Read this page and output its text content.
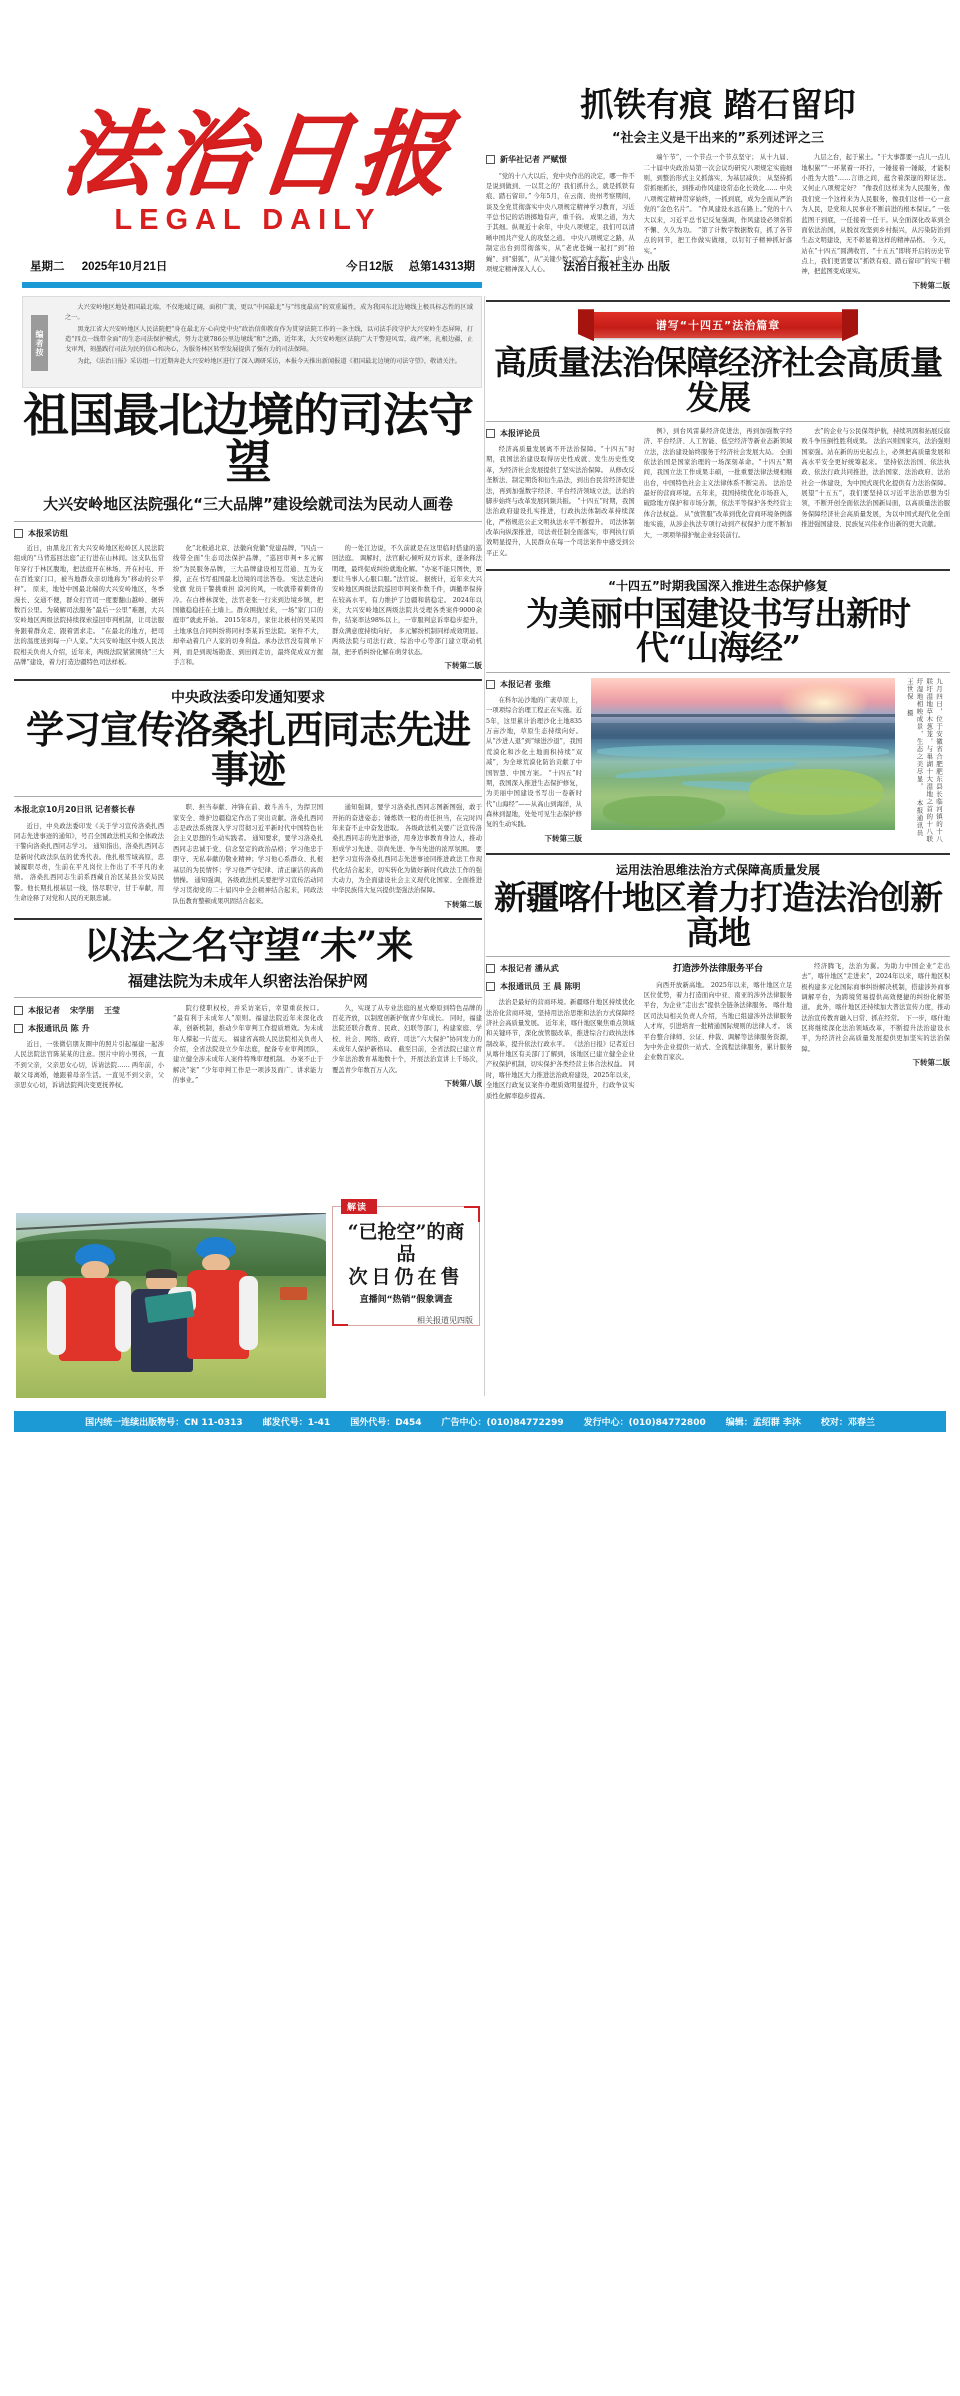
法治日报
LEGAL DAILY
星期二 2025年10月21日	今日12版 总第14313期	法治日报社主办 出版
编者按

大兴安岭地区地处祖国最北端，不仅地域辽阔，面积广袤，更以“中国最北”与“纬度最高”的双重属性，成为我国东北边境线上极具标志性的区域之一。

黑龙江省大兴安岭地区人民法院把“身在最北方·心向党中央”政治信仰教育作为贯穿法院工作的一条主线，以司法手段守护大兴安岭生态屏障，打造“四点一线带全面”的生态司法保护模式，努力走就786公里边境线“和”之路，近年来，大兴安岭地区法院广大干警迎风雪，战严寒，扎根边疆，止戈审判，刻墨践行司法为民的信心和决心，为服务林区转型发展提供了强有力的司法保障。

为此，《法治日报》采访组一行近期奔赴大兴安岭地区进行了深入调研采访，本报今天推出新闻报道《祖国最北边境的司法守望》，敬请关注。

祖国最北边境的司法守望
大兴安岭地区法院强化“三大品牌”建设绘就司法为民动人画卷
本报采访组

近日，由黑龙江省大兴安岭地区松岭区人民法院组成的“马背巡回法庭”正行进在山林间。这支队伍常年穿行于林区腹地，把法庭开在林场、开在村屯、开在百姓家门口，被当地群众亲切地称为“移动的公平秤”。 原来，地处中国最北端的大兴安岭地区，冬季漫长、交通不便，群众打官司一度要翻山越岭、辗转数百公里。为破解司法服务“最后一公里”难题，大兴安岭地区两级法院持续探索巡回审判机制，让司法服务跟着群众走、跟着需求走。 “在最北的地方，把司法的温度送到每一户人家。”大兴安岭地区中级人民法院相关负责人介绍，近年来，两级法院紧紧围绕“三大品牌”建设，着力打造边疆特色司法样板。

化“北极道北京、法徽向党徽”党建品牌，“四点一线带全面”生态司法保护品牌，“巡回审判+多元解纷”为民服务品牌，三大品牌建设相互贯通、互为支撑，正在书写祖国最北边境的司法答卷。 宪法走进向党旗 党员干警挑重担 漠河的风，一吹就带着刺骨的冷。在白桦林深处，法官老张一行来到边境乡镇，把国徽稳稳挂在土墙上。群众围拢过来，一场“家门口的庭审”就此开始。 2015年8月，家住北极村的吴某因土地承包合同纠纷将同村李某诉至法院。案件不大，却牵动着几户人家的切身利益。承办法官没有简单下判，而是到现场勘查、到田间走访，最终促成双方握手言和。

的一处江边说，不久前就是在这里临时搭建的巡回法庭。 调解时，法官耐心倾听双方诉求，逐条释法明理，最终促成纠纷就地化解。“办案不能只图快，更要让当事人心服口服。”法官说。 据统计，近年来大兴安岭地区两级法院巡回审判案件数千件，调撤率保持在较高水平，有力维护了边疆和谐稳定。 2024年以来，大兴安岭地区两级法院共受理各类案件9000余件，结案率达98%以上，一审服判息诉率稳步提升，群众满意度持续向好。 多元解纷机制同样成效明显。两级法院与司法行政、综治中心等部门建立联动机制，把矛盾纠纷化解在萌芽状态。

下转第二版
中央政法委印发通知要求
学习宣传洛桑扎西同志先进事迹
本报北京10月20日讯 记者蔡长春

近日，中央政法委印发《关于学习宣传洛桑扎西同志先进事迹的通知》，号召全国政法机关和全体政法干警向洛桑扎西同志学习。 通知指出，洛桑扎西同志是新时代政法队伍的优秀代表。他扎根雪域高原，忠诚履职尽责，生前在平凡岗位上作出了不平凡的业绩。 洛桑扎西同志生前系西藏自治区某县公安局民警。他长期扎根基层一线，恪尽职守，甘于奉献，用生命诠释了对党和人民的无限忠诚。

职、担当奉献、冲锋在前、敢斗善斗，为捍卫国家安全、维护边疆稳定作出了突出贡献。洛桑扎西同志是政法系统深入学习贯彻习近平新时代中国特色社会主义思想的生动实践者。 通知要求，要学习洛桑扎西同志忠诚于党、信念坚定的政治品格；学习他忠于职守、无私奉献的敬业精神；学习他心系群众、扎根基层的为民情怀；学习他严守纪律、清正廉洁的高尚情操。 通知强调，各级政法机关要把学习宣传活动同学习贯彻党的二十届四中全会精神结合起来，同政法队伍教育整顿成果巩固结合起来。

通知强调，要学习洛桑扎西同志图新图强，敢于开拓的奋进姿态；锤炼铁一般的责任担当，在完时四年来奋不止中奋发进取。 各级政法机关要广泛宣传洛桑扎西同志的先进事迹，用身边事教育身边人，推动形成学习先进、崇尚先进、争当先进的浓厚氛围。 要把学习宣传洛桑扎西同志先进事迹同推进政法工作现代化结合起来，切实转化为做好新时代政法工作的强大动力，为全面建设社会主义现代化国家、全面推进中华民族伟大复兴提供坚强法治保障。

下转第二版
以法之名守望“未”来
福建法院为未成年人织密法治保护网
本报记者 宋学朋 王莹
本报通讯员 陈 升

近日，一张微信朋友圈中的照片引起福建一起涉人民法院法官陈某某的注意。照片中的小男孩，一直不到父亲，父亲思女心切，诉请法院…… 两年前，小敏父母离婚，她跟着母亲生活。一直见不到父亲，父亲思女心切，诉请法院判决变更抚养权。

院行使职权校，并采访案后，幸望重获按口。 “最有利于未成年人”原则。福建法院近年来深化改革，创新机制，推动少年审判工作提质增效。为未成年人撑起一片蓝天。 福建省高级人民法院相关负责人介绍，全省法院设立少年法庭，配备专业审判团队，建立健全涉未成年人案件特殊审理机制。 办案不止于解决“案” “少年审判工作是一项涉及面广、讲求能力的事业。”

久，实现了从专业法庭的星火燎原到特色品牌的百花齐放，以制度创新护航青少年成长。 同时，福建法院还联合教育、民政、妇联等部门，构建家庭、学校、社会、网络、政府、司法“六大保护”协同发力的未成年人保护新格局。 截至目前，全省法院已建立青少年法治教育基地数十个，开展法治宣讲上千场次，覆盖青少年数百万人次。

下转第八版
解读
“已抢空”的商品
次日仍在售
直播间“热销”假象调查
相关报道见四版
抓铁有痕 踏石留印
“社会主义是干出来的”系列述评之三
新华社记者 严赋憬

“党的十八大以后，党中央作出的决定，哪一件不是说到做到、一以贯之的？我们抓什么，就是抓铁有痕、踏石留印。” 今年5月，在云南、贵州考察期间，谈及全党贯彻落实中央八项规定精神学习教育，习近平总书记的话语掷地有声，重千钧。 成果之道，为大于其细。纵观近十余年，中央八项规定，我们可以清晰中国共产党人的攻坚之道。 中央八项规定之路，从制定出台到贯彻落实，从“老虎苍蝇一起打”到“拍蝇”、到“猎狐”，从“关键少数”到“绝大多数”，中央八项规定精神深入人心。

端午节”，一个节点一个节点坚守； 从十九届、二十届中央政治局第一次会议均研究八项规定实施细则，到整治形式主义抓落实、为基层减负； 从坚持抓常抓细抓长，到推动作风建设常态化长效化…… 中央八项规定精神贯穿始终，一抓到底，成为全面从严治党的“金色名片”。 “作风建设永远在路上。”党的十八大以来，习近平总书记反复强调，作风建设必须常抓不懈、久久为功。 “第了计数字数据数有，抓了各节点的同节，把工作做实做细，以钉钉子精神抓好落实。”

九层之台，起于累土。“干大事都要一点儿一点儿地积累”“一环紧着一环拧，一锤接着一锤敲，才能积小胜为大胜”……言语之间，蕴含着深邃的辩证法。 又何止八项规定好？ “像我们这样来为人民服务，像我们党一个这样来为人民服务，像我们这样一心一意为人民，是党和人民事业不断前进的根本保证。” 一张蓝图干到底，一任接着一任干。从全面深化改革到全面依法治国，从脱贫攻坚到乡村振兴，从污染防治到生态文明建设，无不彰显着这样的精神品格。 今天，站在“十四五”圆满收官、“十五五”即将开启的历史节点上，我们更需要以“抓铁有痕、踏石留印”的实干精神，把蓝图变成现实。

下转第二版
谱写“十四五”法治篇章
高质量法治保障经济社会高质量发展
本报评论员

经济高质量发展离不开法治保障。“十四五”时期，我国法治建设取得历史性成就、发生历史性变革，为经济社会发展提供了坚实法治保障。 从修改反垄断法、制定期货和衍生品法，到出台民营经济促进法，再到加强数字经济、平台经济领域立法，法治的脚步始终与改革发展同频共振。 “十四五”时期，我国法治政府建设扎实推进，行政执法体制改革持续深化，严格规范公正文明执法水平不断提升。 司法体制改革向纵深推进，司法责任制全面落实，审判执行质效明显提升，人民群众在每一个司法案件中感受到公平正义。

例》，到台风雷暴经济促进法，再到加强数字经济、平台经济、人工智能、低空经济等新业态新领域立法，法治建设始终服务于经济社会发展大局。 全面依法治国是国家治理的一场深刻革命。“十四五”期间，我国立法工作成果丰硕，一批重要法律法规相继出台，中国特色社会主义法律体系不断完善。 法治是最好的营商环境。五年来，我国持续优化市场准入，破除地方保护和市场分割，依法平等保护各类经营主体合法权益。 从“放管服”改革到优化营商环境条例落地实施，从涉企执法专项行动到产权保护力度不断加大，一项项举措护航企业轻装前行。

去”的企业与公民保驾护航，持续巩固和拓展反腐败斗争压倒性胜利成果。 法治兴则国家兴，法治强则国家强。站在新的历史起点上，必须把高质量发展和高水平安全更好统筹起来。 坚持依法治国、依法执政、依法行政共同推进，法治国家、法治政府、法治社会一体建设，为中国式现代化提供有力法治保障。 展望“十五五”，我们要坚持以习近平法治思想为引领，不断开创全面依法治国新局面，以高质量法治服务保障经济社会高质量发展，为以中国式现代化全面推进强国建设、民族复兴伟业作出新的更大贡献。

“十四五”时期我国深入推进生态保护修复
为美丽中国建设书写出新时代“山海经”
本报记者 张维

在科尔沁沙地的广袤草原上，一项项综合治理工程正在实施。近5年，这里累计治理沙化土地835万亩沙地，草原生态持续向好。 从“沙进人退”到“绿进沙退”，我国荒漠化和沙化土地面积持续“双减”，为全球荒漠化防治贡献了中国智慧、中国方案。 “十四五”时期，我国深入推进生态保护修复，为美丽中国建设书写出一卷新时代“山海经”——从高山到海洋，从森林到湿地，处处可见生态保护修复的生动实践。

下转第三版	九月四日，位于安徽省合肥肥东县长临河镇的十八联圩湿地草木葱茏，与巢湖十大湿地之首的十八联圩湿地相映成景，生态之美尽显。 本报通讯员 王世保 摄
运用法治思维法治方式保障高质量发展
新疆喀什地区着力打造法治创新高地
本报记者 潘从武
本报通讯员 王 晨 陈明

法治是最好的营商环境。新疆喀什地区持续优化法治化营商环境，坚持用法治思维和法治方式保障经济社会高质量发展。 近年来，喀什地区聚焦重点领域和关键环节，深化放管服改革，推进综合行政执法体制改革，提升依法行政水平。 《法治日报》记者近日从喀什地区有关部门了解到，该地区已建立健全企业产权保护机制，切实保护各类经营主体合法权益。 同时，喀什地区大力推进法治政府建设，2025年以来，全地区行政复议案件办理质效明显提升，行政争议实质性化解率稳步提高。

打造涉外法律服务平台

向西开放新高地。 2025年以来，喀什地区立足区位优势，着力打造面向中亚、南亚的涉外法律服务平台，为企业“走出去”提供全链条法律服务。 喀什地区司法局相关负责人介绍，当地已组建涉外法律服务人才库，引进培育一批精通国际规则的法律人才。 该平台整合律师、公证、仲裁、调解等法律服务资源，为中外企业提供一站式、全流程法律服务，累计服务企业数百家次。

经济腾飞，法治为翼。为助力中国企业“走出去”，喀什地区“走进来”，2024年以来，喀什地区积极构建多元化国际商事纠纷解决机制，搭建涉外商事调解平台，为跨境贸易提供高效便捷的纠纷化解渠道。 此外，喀什地区还持续加大普法宣传力度，推动法治宣传教育融入日常、抓在经常。 下一步，喀什地区将继续深化法治领域改革，不断提升法治建设水平，为经济社会高质量发展提供更加坚实的法治保障。

下转第二版
国内统一连续出版物号：CN 11-0313 邮发代号：1-41 国外代号：D454 广告中心：(010)84772299 发行中心：(010)84772800 编辑：孟绍群 李沐 校对：邓春兰
